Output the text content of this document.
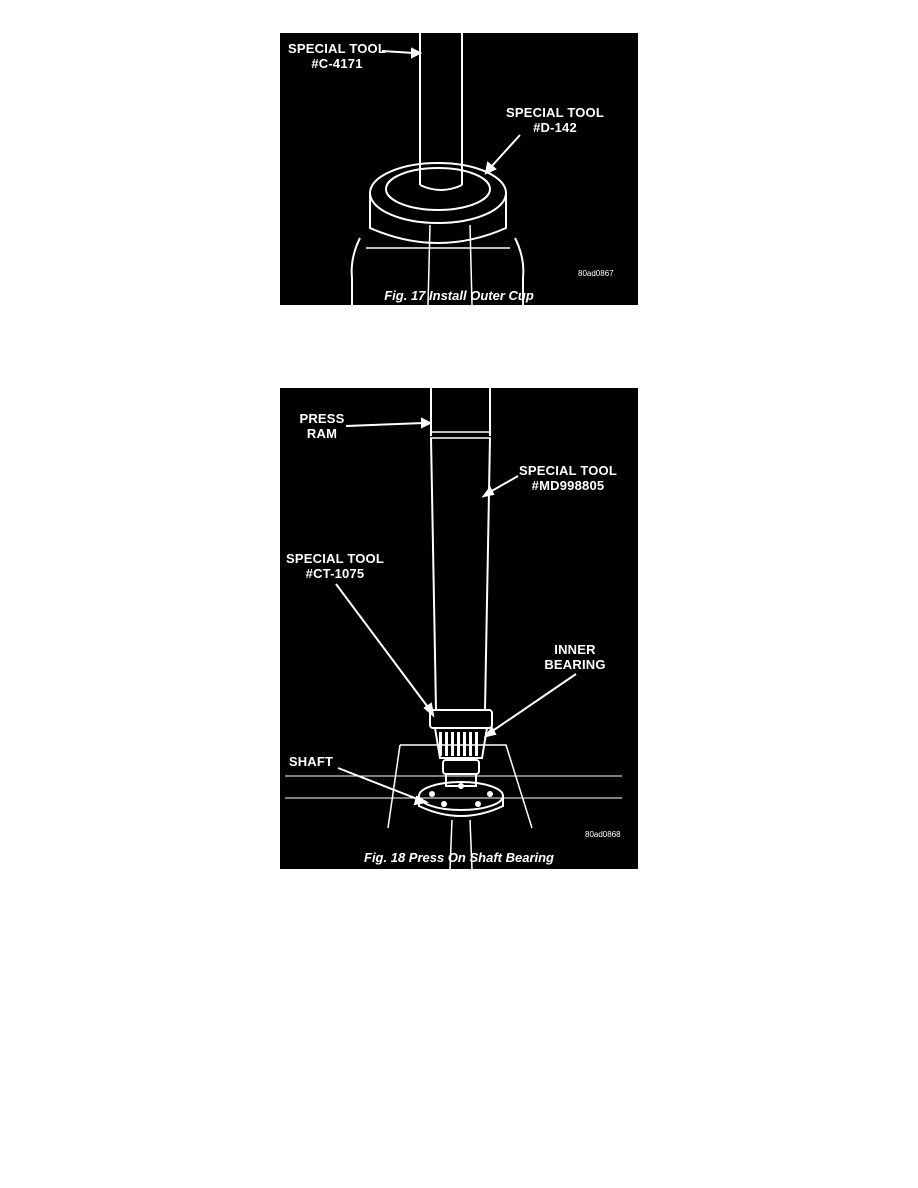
SPECIAL TOOL
#C-4171
SPECIAL TOOL
#D-142
80ad0867
Fig. 17 Install Outer Cup
PRESS
RAM
SPECIAL TOOL
#MD998805
SPECIAL TOOL
#CT-1075
INNER
BEARING
SHAFT
80ad0868
Fig. 18 Press On Shaft Bearing
